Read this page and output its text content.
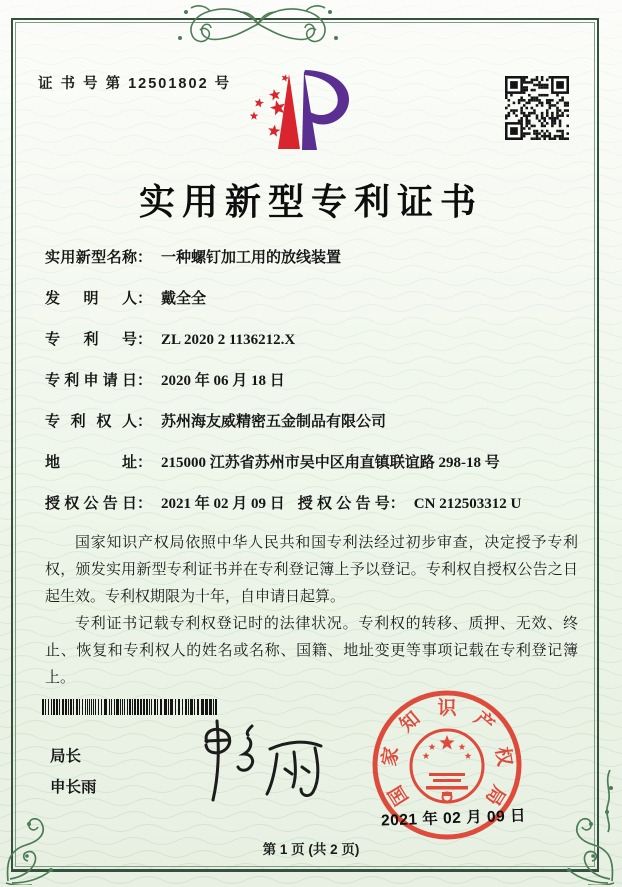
证 书 号 第 12501802 号
实用新型专利证书
实用新型名称： 一种螺钉加工用的放线装置
发明人： 戴全全
专利号： ZL 2020 2 1136212.X
专利申请日： 2020 年 06 月 18 日
专利权人： 苏州海友威精密五金制品有限公司
地址： 215000 江苏省苏州市吴中区甪直镇联谊路 298-18 号
授权公告日： 2021 年 02 月 09 日 授权公告号： CN 212503312 U

国家知识产权局依照中华人民共和国专利法经过初步审查，决定授予专利权，颁发实用新型专利证书并在专利登记簿上予以登记。专利权自授权公告之日起生效。专利权期限为十年，自申请日起算。

专利证书记载专利权登记时的法律状况。专利权的转移、质押、无效、终止、恢复和专利权人的姓名或名称、国籍、地址变更等事项记载在专利登记簿上。

局长
申长雨	国
家
知 识 产
权
局
2021 年 02 月 09 日
第 1 页 (共 2 页)
